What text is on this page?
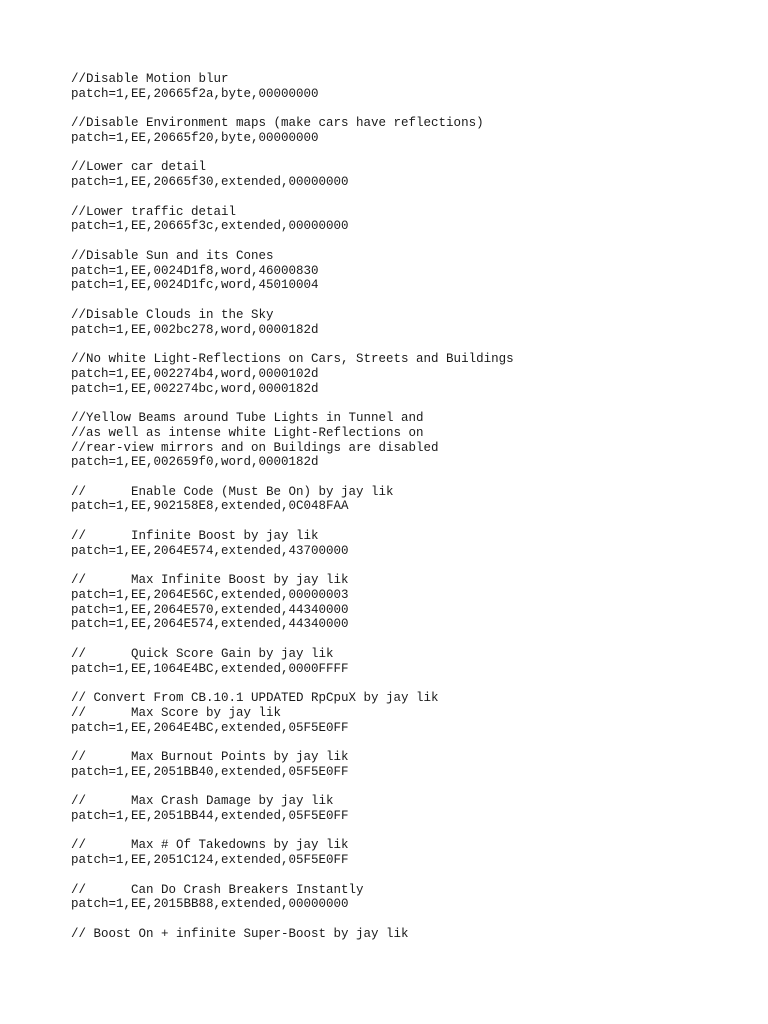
//Disable Motion blur
patch=1,EE,20665f2a,byte,00000000
//Disable Environment maps (make cars have reflections)
patch=1,EE,20665f20,byte,00000000
//Lower car detail
patch=1,EE,20665f30,extended,00000000
//Lower traffic detail
patch=1,EE,20665f3c,extended,00000000
//Disable Sun and its Cones
patch=1,EE,0024D1f8,word,46000830
patch=1,EE,0024D1fc,word,45010004
//Disable Clouds in the Sky
patch=1,EE,002bc278,word,0000182d
//No white Light-Reflections on Cars, Streets and Buildings
patch=1,EE,002274b4,word,0000102d
patch=1,EE,002274bc,word,0000182d
//Yellow Beams around Tube Lights in Tunnel and
//as well as intense white Light-Reflections on
//rear-view mirrors and on Buildings are disabled
patch=1,EE,002659f0,word,0000182d
//      Enable Code (Must Be On) by jay lik
patch=1,EE,902158E8,extended,0C048FAA
//      Infinite Boost by jay lik
patch=1,EE,2064E574,extended,43700000
//      Max Infinite Boost by jay lik
patch=1,EE,2064E56C,extended,00000003
patch=1,EE,2064E570,extended,44340000
patch=1,EE,2064E574,extended,44340000
//      Quick Score Gain by jay lik
patch=1,EE,1064E4BC,extended,0000FFFF
// Convert From CB.10.1 UPDATED RpCpuX by jay lik
//      Max Score by jay lik
patch=1,EE,2064E4BC,extended,05F5E0FF
//      Max Burnout Points by jay lik
patch=1,EE,2051BB40,extended,05F5E0FF
//      Max Crash Damage by jay lik
patch=1,EE,2051BB44,extended,05F5E0FF
//      Max # Of Takedowns by jay lik
patch=1,EE,2051C124,extended,05F5E0FF
//      Can Do Crash Breakers Instantly
patch=1,EE,2015BB88,extended,00000000
// Boost On + infinite Super-Boost by jay lik
